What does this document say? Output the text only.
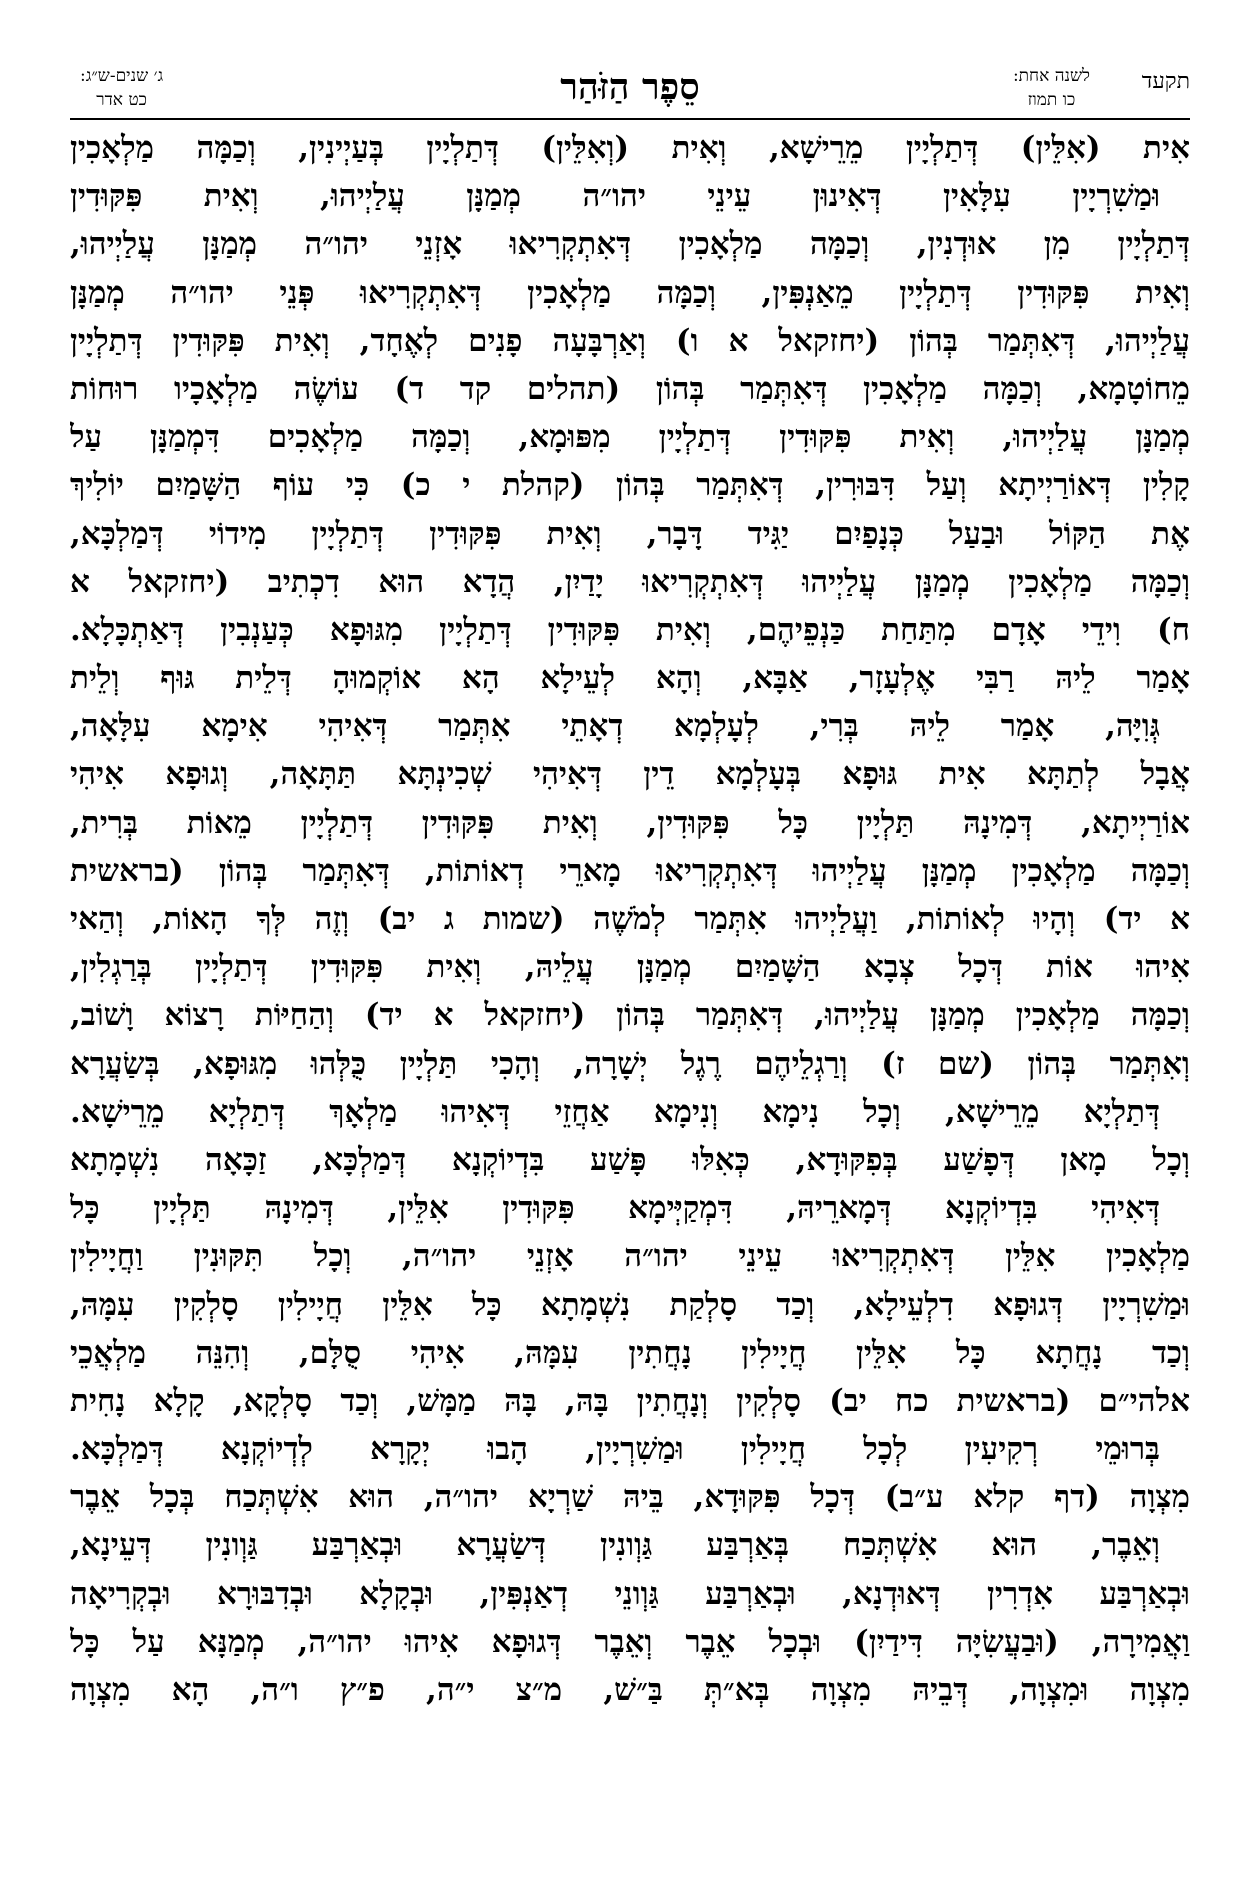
ג׳ שנים-ש״ג:
כט אדר	סֵפֶר הַזֹּהַר	לשנה אחת:
כו תמוז
תקעד
אִית (אִלֵּין) דְּתַלְיָין מֵרֵישָׁא, וְאִית (וְאִלֵּין) דְּתַלְיָין בְּעַיְינִין, וְכַמָּה מַלְאָכִין
וּמַשִׁרְיָין עִלָּאִין דְּאִינוּן עֵינֵי יהו״ה מְמַנָּן עֲלַיְיהוּ, וְאִית פִּקּוּדִין
דְּתַלְיָין מִן אוּדְנִין, וְכַמָּה מַלְאָכִין דְּאִתְקְרִיאוּ אָזְנֵי יהו״ה מְמַנָּן עֲלַיְיהוּ,
וְאִית פִּקּוּדִין דְּתַלְיָין מֵאַנְפִּין, וְכַמָּה מַלְאָכִין דְּאִתְקְרִיאוּ פְּנֵי יהו״ה מְמַנָּן
עֲלַיְיהוּ, דְּאִתְּמַר בְּהוֹן (יחזקאל א ו) וְאַרְבָּעָה פָנִים לְאֶחָד, וְאִית פִּקּוּדִין דְּתַלְיָין
מֵחוֹטָמָא, וְכַמָּה מַלְאָכִין דְּאִתְּמַר בְּהוֹן (תהלים קד ד) עוֹשֶׂה מַלְאָכָיו רוּחוֹת
מְמַנָּן עֲלַיְיהוּ, וְאִית פִּקּוּדִין דְּתַלְיָין מִפּוּמָא, וְכַמָּה מַלְאָכִים דִּמְמַנָּן עַל
קָלִין דְּאוֹרַיְיתָא וְעַל דִּבּוּרִין, דְּאִתְּמַר בְּהוֹן (קהלת י כ) כִּי עוֹף הַשָּׁמַיִם יוֹלִיךְ
אֶת הַקּוֹל וּבַעַל כְּנָפַיִם יַגִּיד דָּבָר, וְאִית פִּקּוּדִין דְּתַלְיָין מִידוֹי דְּמַלְכָּא,
וְכַמָּה מַלְאָכִין מְמַנָּן עֲלַיְיהוּ דְּאִתְקְרִיאוּ יָדַיִן, הֲדָא הוּא דִכְתִיב (יחזקאל א
ח) וִידֵי אָדָם מִתַּחַת כַּנְפֵיהֶם, וְאִית פִּקּוּדִין דְּתַלְיָין מִגּוּפָא כְּעַנְבִין דְּאַתְכָּלָא.
אָמַר לֵיהּ רַבִּי אֶלְעָזָר, אַבָּא, וְהָא לְעֵילָא הָא אוֹקְמוּהָ דְּלֵית גּוּף וְלֵית
גְּוִיָּה, אָמַר לֵיהּ בְּרִי, לְעָלְמָא דְאָתֵי אִתְּמַר דְּאִיהִי אִימָא עִלָּאָה,
אֲבָל לְתַתָּא אִית גּוּפָא בְּעָלְמָא דֵין דְּאִיהִי שְׁכִינְתָּא תַּתָּאָה, וְגוּפָא אִיהִי
אוֹרַיְיתָא, דְּמִינָהּ תַּלְיָין כָּל פִּקּוּדִין, וְאִית פִּקּוּדִין דְּתַלְיָין מֵאוֹת בְּרִית,
וְכַמָּה מַלְאָכִין מְמַנָּן עֲלַיְיהוּ דְּאִתְקְרִיאוּ מָארֵי דְאוֹתוֹת, דְּאִתְּמַר בְּהוֹן (בראשית
א יד) וְהָיוּ לְאוֹתוֹת, וַעֲלַיְיהוּ אִתְּמַר לְמֹשֶׁה (שמות ג יב) וְזֶה לְּךָ הָאוֹת, וְהַאי
אִיהוּ אוֹת דְּכָל צְבָא הַשָּׁמַיִם מְמַנָּן עֲלֵיהּ, וְאִית פִּקּוּדִין דְּתַלְיָין בְּרַגְלִין,
וְכַמָּה מַלְאָכִין מְמַנָּן עֲלַיְיהוּ, דְּאִתְּמַר בְּהוֹן (יחזקאל א יד) וְהַחַיּוֹת רָצוֹא וָשׁוֹב,
וְאִתְּמַר בְּהוֹן (שם ז) וְרַגְלֵיהֶם רֶגֶל יְשָׁרָה, וְהָכִי תַּלְיָין כֻּלְּהוּ מִגּוּפָא, בְּשַׂעֲרָא
דְּתַלְיָא מֵרֵישָׁא, וְכָל נִימָא וְנִימָא אַחֲזֵי דְּאִיהוּ מַלְאָךְ דְּתַלְיָא מֵרֵישָׁא.
וְכָל מָאן דְּפָשַׁע בְּפִקּוּדָא, כְּאִלּוּ פָּשַׁע בִּדְיוֹקְנָא דְּמַלְכָּא, זַכָּאָה נִשְׁמָתָא
דְּאִיהִי בִּדְיוֹקְנָא דְּמָארֵיהּ, דִּמְקַיְּימָא פִּקּוּדִין אִלֵּין, דְּמִינָהּ תַּלְיָין כָּל
מַלְאָכִין אִלֵּין דְּאִתְקְרִיאוּ עֵינֵי יהו״ה אָזְנֵי יהו״ה, וְכָל תִּקּוּנִין וַחֲיָילִין
וּמַשִׁרְיָין דְּגוּפָא דִלְעֵילָא, וְכַד סָלְקַת נִשְׁמָתָא כָּל אִלֵּין חֲיָילִין סָלְקִין עִמָּהּ,
וְכַד נָחֲתָא כָּל אִלֵּין חֲיָילִין נָחֲתִין עִמָּהּ, אִיהִי סֻלָּם, וְהִנֵּה מַלְאֲכֵי
אלהי״ם (בראשית כח יב) סָלְקִין וְנָחֲתִין בָּהּ, בָּהּ מַמָּשׁ, וְכַד סָלְקָא, קָלָא נָחִית
בְּרוּמֵי רְקִיעִין לְכָל חֲיָילִין וּמַשִׁרְיָין, הָבוּ יְקָרָא לְדְיוֹקְנָא דְּמַלְכָּא.
מִצְוָה (דף קלא ע״ב) דְּכָל פִּקּוּדָא, בֵּיהּ שַׁרְיָא יהו״ה, הוּא אִשְׁתְּכַח בְּכָל אֵבֶר
וְאֵבֶר, הוּא אִשְׁתְּכַח בְּאַרְבַּע גַּוְונִין דְּשַׂעֲרָא וּבְאַרְבַּע גַּוְונִין דְּעֵינָא,
וּבְאַרְבַּע אִדְרִין דְּאוּדְנָא, וּבְאַרְבַּע גַּוְונֵי דְאַנְפִּין, וּבְקָלָא וּבְדִבּוּרָא וּבְקְרִיאָה
וַאֲמִירָה, (וּבַעֲשִׂיָּה דִּידַיִן) וּבְכָל אֵבֶר וְאֵבֶר דְּגוּפָא אִיהוּ יהו״ה, מְמַנָּא עַל כָּל
מִצְוָה וּמִצְוָה, דְּבֵיהּ מִצְוָה בְּא״תְּ בַּ״שׁ, מ״צ י״ה, פ״ץ ו״ה, הָא מִצְוָה
